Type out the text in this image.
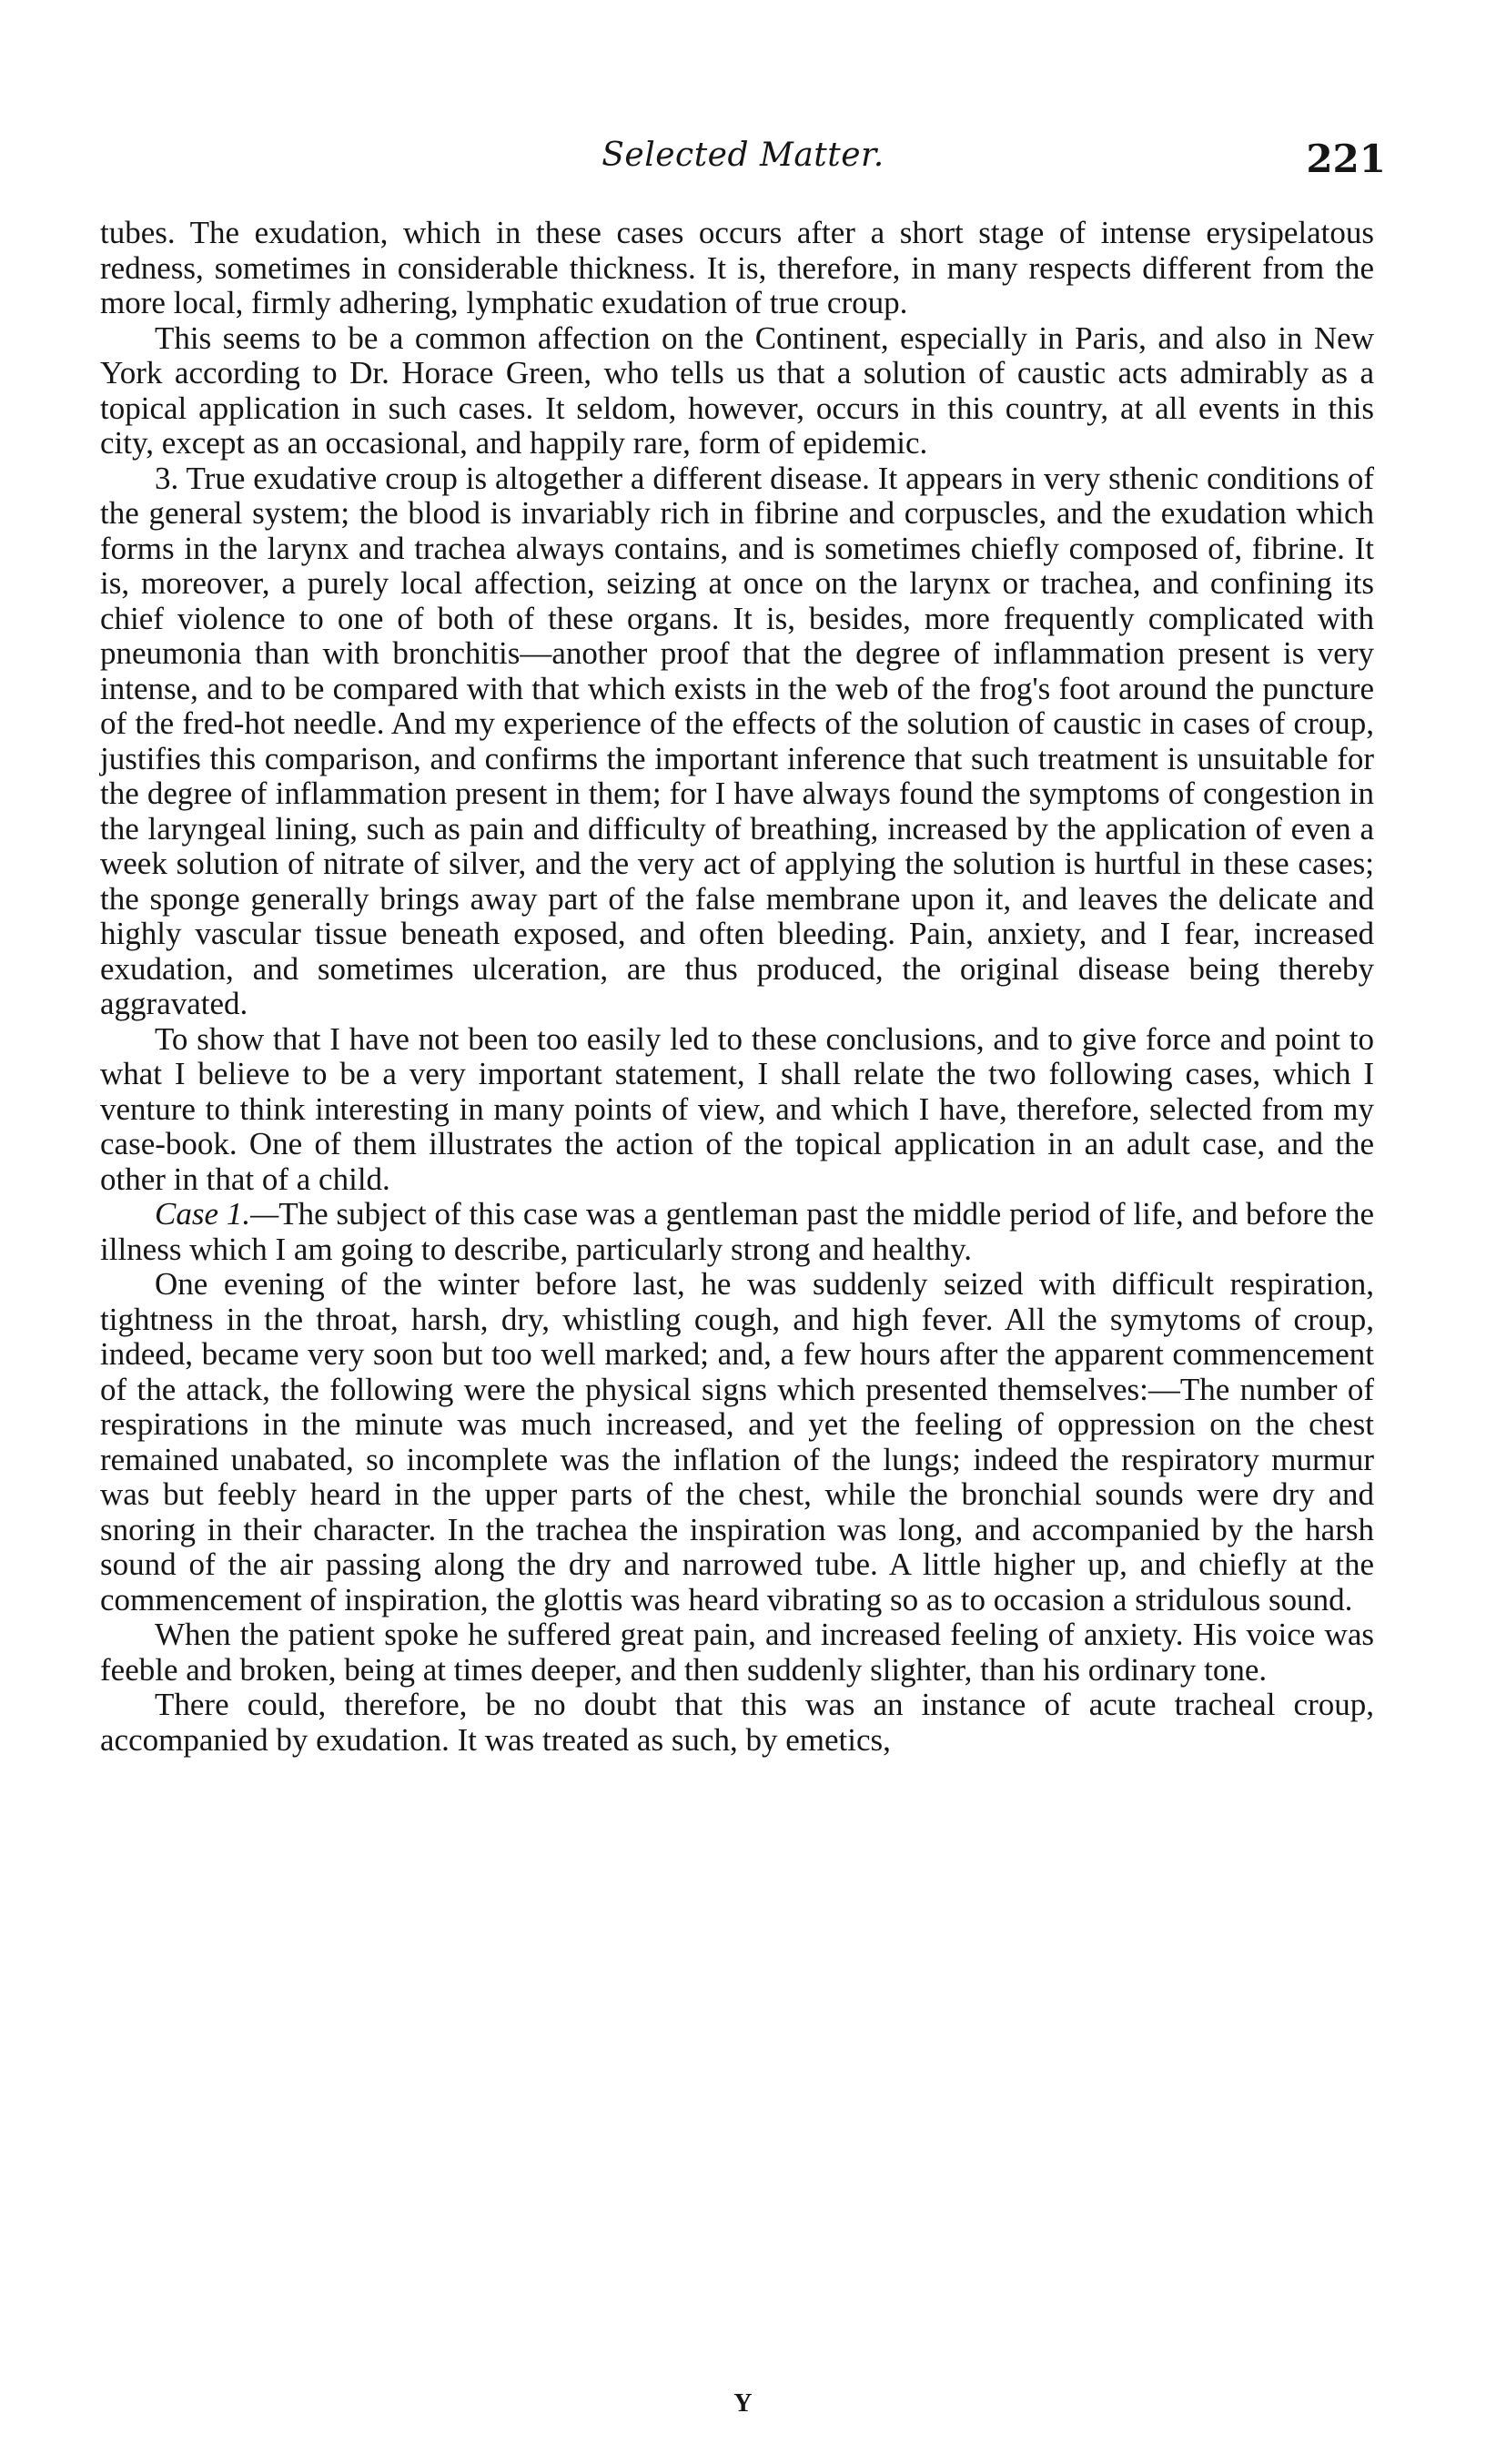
Selected Matter.	221

tubes. The exudation, which in these cases occurs after a short stage of intense erysipelatous redness, sometimes in considerable thickness. It is, therefore, in many respects different from the more local, firmly adhering, lymphatic exudation of true croup.

This seems to be a common affection on the Continent, especially in Paris, and also in New York according to Dr. Horace Green, who tells us that a solution of caustic acts admirably as a topical application in such cases. It seldom, however, occurs in this country, at all events in this city, except as an occasional, and happily rare, form of epidemic.

3. True exudative croup is altogether a different disease. It appears in very sthenic conditions of the general system; the blood is invariably rich in fibrine and corpuscles, and the exudation which forms in the larynx and trachea always contains, and is sometimes chiefly composed of, fibrine. It is, moreover, a purely local affection, seizing at once on the larynx or trachea, and confining its chief violence to one of both of these organs. It is, besides, more frequently complicated with pneumonia than with bronchitis—another proof that the degree of inflammation present is very intense, and to be compared with that which exists in the web of the frog's foot around the puncture of the fred-hot needle. And my experience of the effects of the solution of caustic in cases of croup, justifies this comparison, and confirms the important inference that such treatment is unsuitable for the degree of inflammation present in them; for I have always found the symptoms of congestion in the laryngeal lining, such as pain and difficulty of breathing, increased by the application of even a week solution of nitrate of silver, and the very act of applying the solution is hurtful in these cases; the sponge generally brings away part of the false membrane upon it, and leaves the delicate and highly vascular tissue beneath exposed, and often bleeding. Pain, anxiety, and I fear, increased exudation, and sometimes ulceration, are thus produced, the original disease being thereby aggravated.

To show that I have not been too easily led to these conclusions, and to give force and point to what I believe to be a very important statement, I shall relate the two following cases, which I venture to think interesting in many points of view, and which I have, therefore, selected from my case-book. One of them illustrates the action of the topical application in an adult case, and the other in that of a child.

Case 1.—The subject of this case was a gentleman past the middle period of life, and before the illness which I am going to describe, particularly strong and healthy.

One evening of the winter before last, he was suddenly seized with difficult respiration, tightness in the throat, harsh, dry, whistling cough, and high fever. All the symytoms of croup, indeed, became very soon but too well marked; and, a few hours after the apparent commencement of the attack, the following were the physical signs which presented themselves:—The number of respirations in the minute was much increased, and yet the feeling of oppression on the chest remained unabated, so incomplete was the inflation of the lungs; indeed the respiratory murmur was but feebly heard in the upper parts of the chest, while the bronchial sounds were dry and snoring in their character. In the trachea the inspiration was long, and accompanied by the harsh sound of the air passing along the dry and narrowed tube. A little higher up, and chiefly at the commencement of inspiration, the glottis was heard vibrating so as to occasion a stridulous sound.

When the patient spoke he suffered great pain, and increased feeling of anxiety. His voice was feeble and broken, being at times deeper, and then suddenly slighter, than his ordinary tone.

There could, therefore, be no doubt that this was an instance of acute tracheal croup, accompanied by exudation. It was treated as such, by emetics,

Y
